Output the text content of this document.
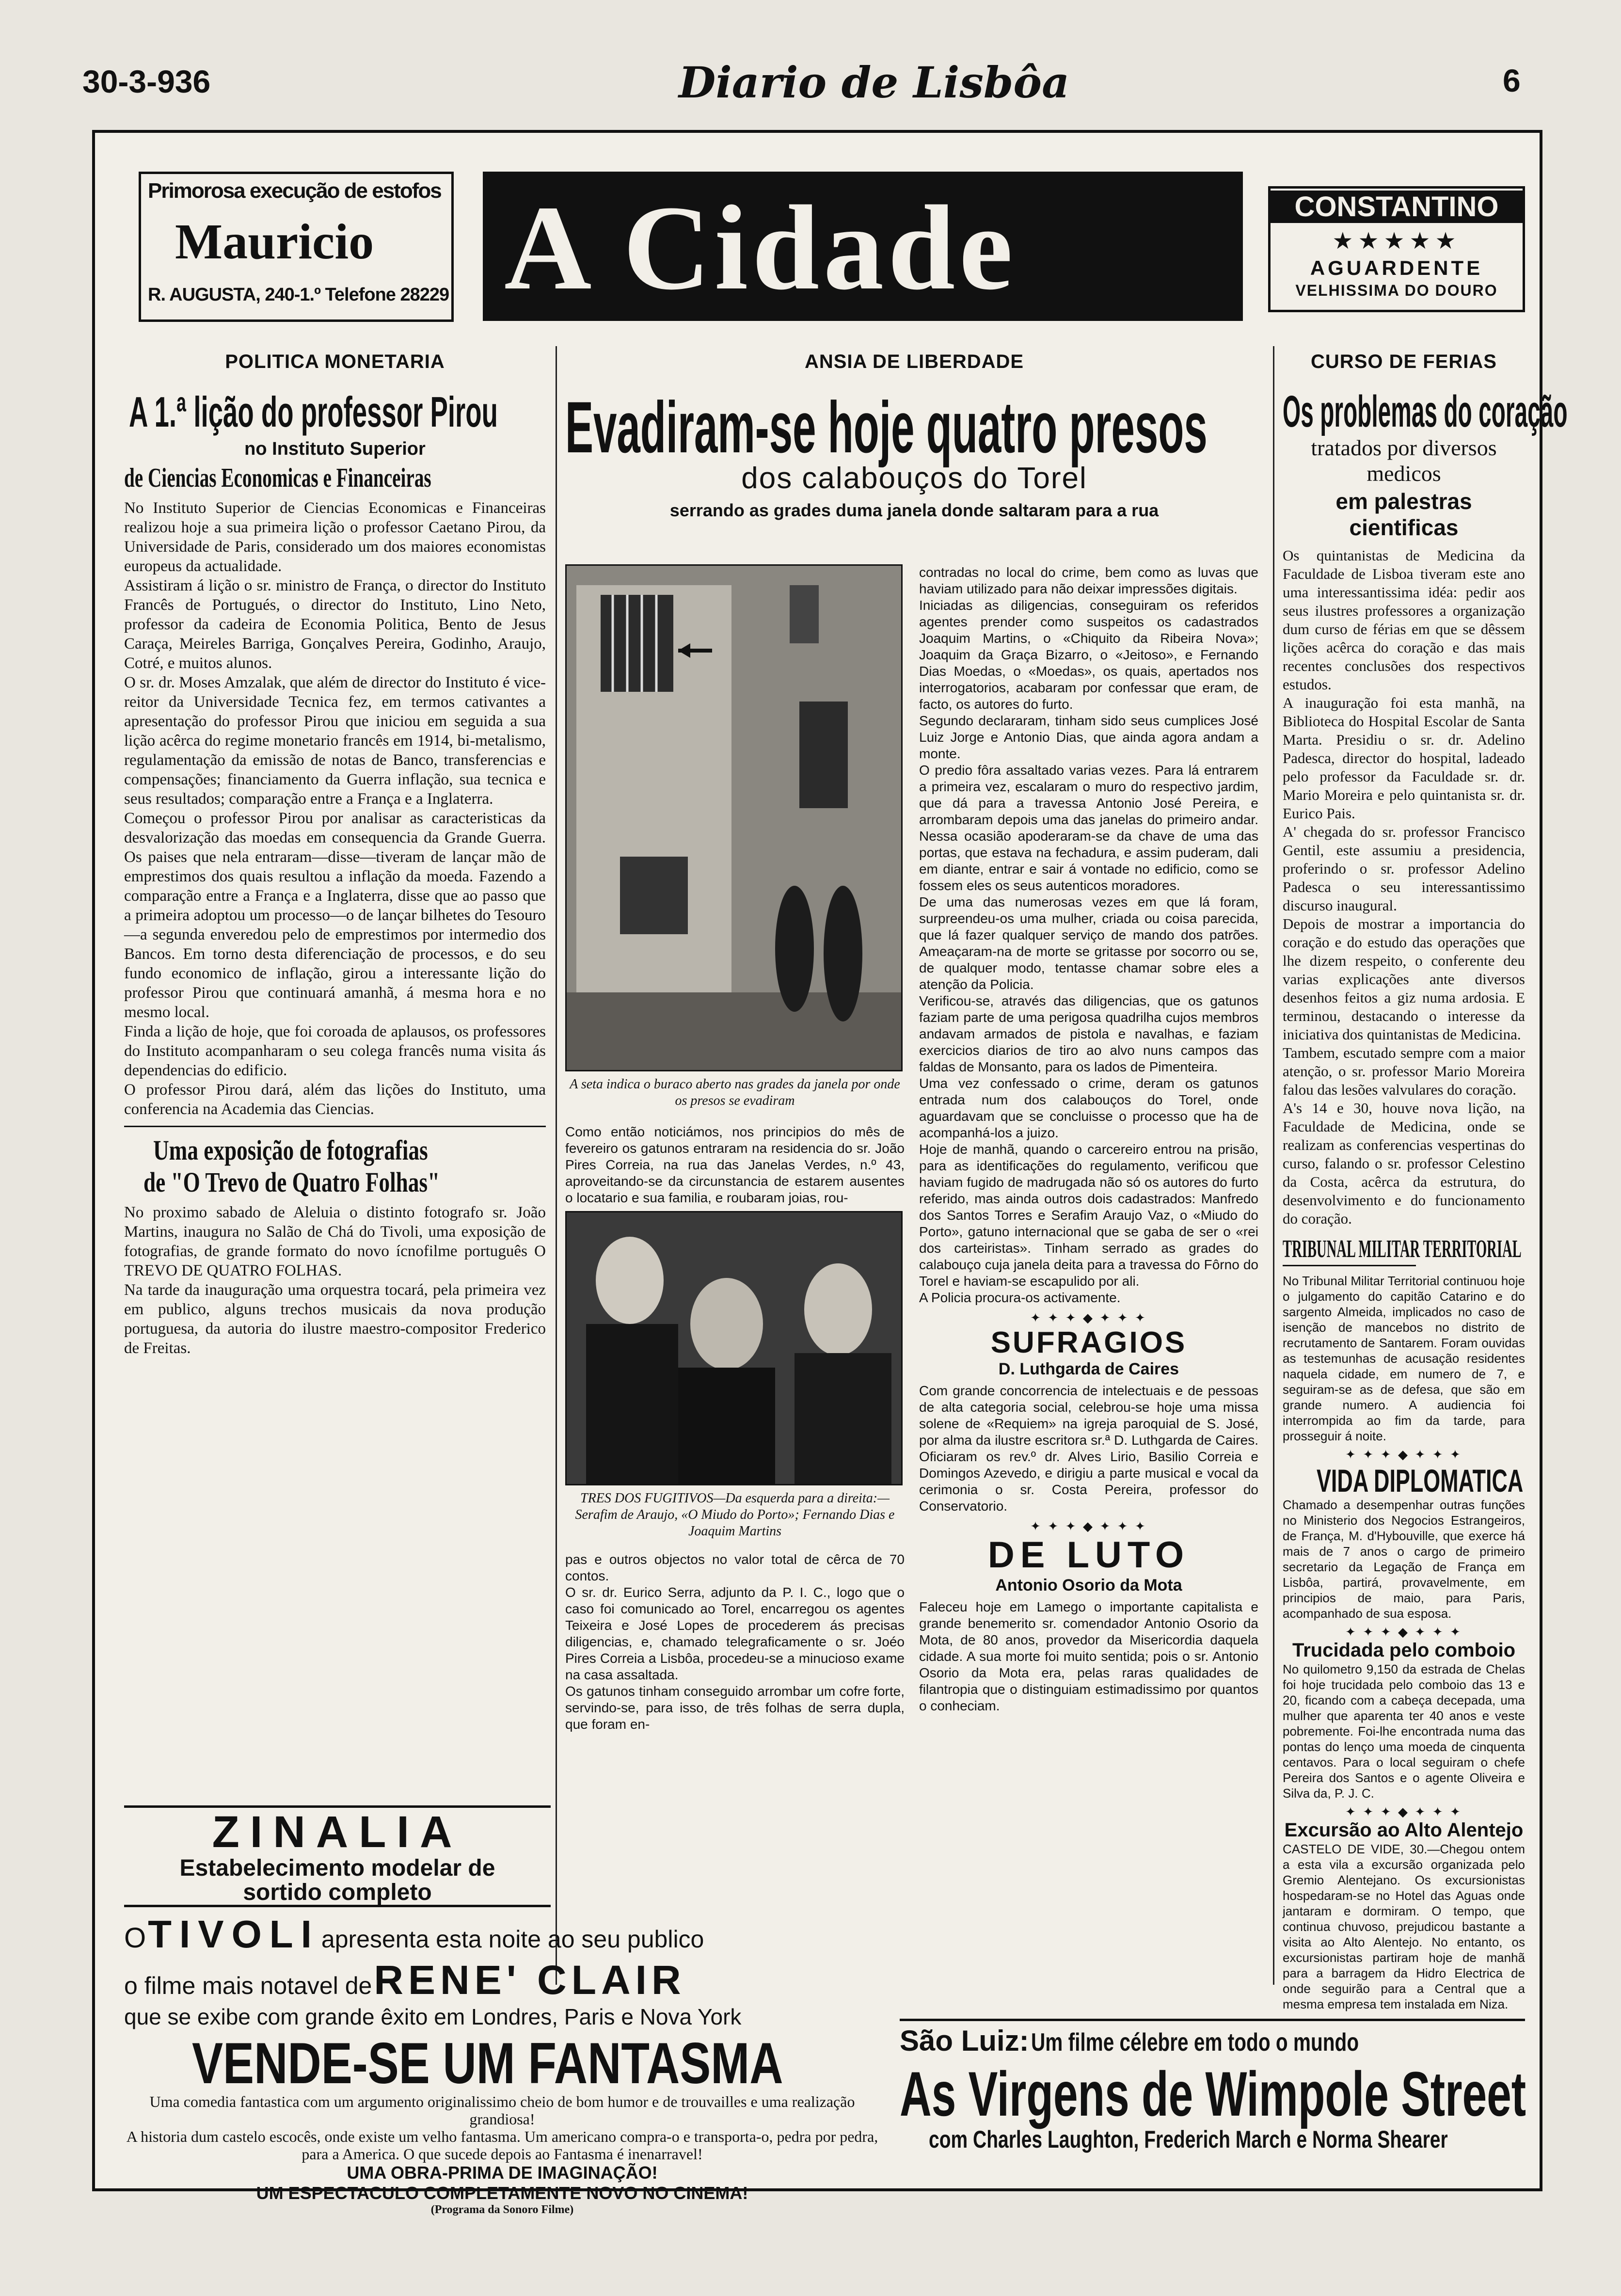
30-3-936	Diario de Lisbôa	6
Primorosa execução de estofos
Mauricio
R. AUGUSTA, 240-1.º Telefone 28229 A Cidade	CONSTANTINO
★★★★★
AGUARDENTE
VELHISSIMA DO DOURO
POLITICA MONETARIA
A 1.ª lição do professor Pirou
no Instituto Superior
de Ciencias Economicas e Financeiras

No Instituto Superior de Ciencias Economicas e Financeiras realizou hoje a sua primeira lição o professor Caetano Pirou, da Universidade de Paris, considerado um dos maiores economistas europeus da actualidade.

Assistiram á lição o sr. ministro de França, o director do Instituto Francês de Portugués, o director do Instituto, Lino Neto, professor da cadeira de Economia Politica, Bento de Jesus Caraça, Meireles Barriga, Gonçalves Pereira, Godinho, Araujo, Cotré, e muitos alunos.

O sr. dr. Moses Amzalak, que além de director do Instituto é vice-reitor da Universidade Tecnica fez, em termos cativantes a apresentação do professor Pirou que iniciou em seguida a sua lição acêrca do regime monetario francês em 1914, bi-metalismo, regulamentação da emissão de notas de Banco, transferencias e compensações; financiamento da Guerra inflação, sua tecnica e seus resultados; comparação entre a França e a Inglaterra.

Começou o professor Pirou por analisar as caracteristicas da desvalorização das moedas em consequencia da Grande Guerra. Os paises que nela entraram—disse—tiveram de lançar mão de emprestimos dos quais resultou a inflação da moeda. Fazendo a comparação entre a França e a Inglaterra, disse que ao passo que a primeira adoptou um processo—o de lançar bilhetes do Tesouro—a segunda enveredou pelo de emprestimos por intermedio dos Bancos. Em torno desta diferenciação de processos, e do seu fundo economico de inflação, girou a interessante lição do professor Pirou que continuará amanhã, á mesma hora e no mesmo local.

Finda a lição de hoje, que foi coroada de aplausos, os professores do Instituto acompanharam o seu colega francês numa visita ás dependencias do edificio.

O professor Pirou dará, além das lições do Instituto, uma conferencia na Academia das Ciencias.

Uma exposição de fotografias
de "O Trevo de Quatro Folhas"

No proximo sabado de Aleluia o distinto fotografo sr. João Martins, inaugura no Salão de Chá do Tivoli, uma exposição de fotografias, de grande formato do novo ícnofilme português O TREVO DE QUATRO FOLHAS.

Na tarde da inauguração uma orquestra tocará, pela primeira vez em publico, alguns trechos musicais da nova produção portuguesa, da autoria do ilustre maestro-compositor Frederico de Freitas.

ZINALIA
Estabelecimento modelar de
sortido completo
ANSIA DE LIBERDADE
Evadiram-se hoje quatro presos
dos calabouços do Torel
serrando as grades duma janela donde saltaram para a rua
A seta indica o buraco aberto nas grades da janela por onde os presos se evadiram

Como então noticiámos, nos principios do mês de fevereiro os gatunos entraram na residencia do sr. João Pires Correia, na rua das Janelas Verdes, n.º 43, aproveitando-se da circunstancia de estarem ausentes o locatario e sua familia, e roubaram joias, rou-

TRES DOS FUGITIVOS—Da esquerda para a direita:—Serafim de Araujo, «O Miudo do Porto»; Fernando Dias e Joaquim Martins

pas e outros objectos no valor total de cêrca de 70 contos.

O sr. dr. Eurico Serra, adjunto da P. I. C., logo que o caso foi comunicado ao Torel, encarregou os agentes Teixeira e José Lopes de procederem ás precisas diligencias, e, chamado telegraficamente o sr. Joéo Pires Correia a Lisbôa, procedeu-se a minucioso exame na casa assaltada.

Os gatunos tinham conseguido arrombar um cofre forte, servindo-se, para isso, de três folhas de serra dupla, que foram en-

contradas no local do crime, bem como as luvas que haviam utilizado para não deixar impressões digitais.

Iniciadas as diligencias, conseguiram os referidos agentes prender como suspeitos os cadastrados Joaquim Martins, o «Chiquito da Ribeira Nova»; Joaquim da Graça Bizarro, o «Jeitoso», e Fernando Dias Moedas, o «Moedas», os quais, apertados nos interrogatorios, acabaram por confessar que eram, de facto, os autores do furto.

Segundo declararam, tinham sido seus cumplices José Luiz Jorge e Antonio Dias, que ainda agora andam a monte.

O predio fôra assaltado varias vezes. Para lá entrarem a primeira vez, escalaram o muro do respectivo jardim, que dá para a travessa Antonio José Pereira, e arrombaram depois uma das janelas do primeiro andar. Nessa ocasião apoderaram-se da chave de uma das portas, que estava na fechadura, e assim puderam, dali em diante, entrar e sair á vontade no edificio, como se fossem eles os seus autenticos moradores.

De uma das numerosas vezes em que lá foram, surpreendeu-os uma mulher, criada ou coisa parecida, que lá fazer qualquer serviço de mando dos patrões. Ameaçaram-na de morte se gritasse por socorro ou se, de qualquer modo, tentasse chamar sobre eles a atenção da Policia.

Verificou-se, através das diligencias, que os gatunos faziam parte de uma perigosa quadrilha cujos membros andavam armados de pistola e navalhas, e faziam exercicios diarios de tiro ao alvo nuns campos das faldas de Monsanto, para os lados de Pimenteira.

Uma vez confessado o crime, deram os gatunos entrada num dos calabouços do Torel, onde aguardavam que se concluisse o processo que ha de acompanhá-los a juizo.

Hoje de manhã, quando o carcereiro entrou na prisão, para as identificações do regulamento, verificou que haviam fugido de madrugada não só os autores do furto referido, mas ainda outros dois cadastrados: Manfredo dos Santos Torres e Serafim Araujo Vaz, o «Miudo do Porto», gatuno internacional que se gaba de ser o «rei dos carteiristas». Tinham serrado as grades do calabouço cuja janela deita para a travessa do Fôrno do Torel e haviam-se escapulido por ali.

A Policia procura-os activamente.

✦ ✦ ✦ ◆ ✦ ✦ ✦
SUFRAGIOS
D. Luthgarda de Caires

Com grande concorrencia de intelectuais e de pessoas de alta categoria social, celebrou-se hoje uma missa solene de «Requiem» na igreja paroquial de S. José, por alma da ilustre escritora sr.ª D. Luthgarda de Caires. Oficiaram os rev.º dr. Alves Lirio, Basilio Correia e Domingos Azevedo, e dirigiu a parte musical e vocal da cerimonia o sr. Costa Pereira, professor do Conservatorio.

✦ ✦ ✦ ◆ ✦ ✦ ✦
DE LUTO
Antonio Osorio da Mota

Faleceu hoje em Lamego o importante capitalista e grande benemerito sr. comendador Antonio Osorio da Mota, de 80 anos, provedor da Misericordia daquela cidade. A sua morte foi muito sentida; pois o sr. Antonio Osorio da Mota era, pelas raras qualidades de filantropia que o distinguiam estimadissimo por quantos o conheciam.

CURSO DE FERIAS
Os problemas do coração
tratados por diversos medicos
em palestras cientificas

Os quintanistas de Medicina da Faculdade de Lisboa tiveram este ano uma interessantissima idéa: pedir aos seus ilustres professores a organização dum curso de férias em que se dêssem lições acêrca do coração e das mais recentes conclusões dos respectivos estudos.

A inauguração foi esta manhã, na Biblioteca do Hospital Escolar de Santa Marta. Presidiu o sr. dr. Adelino Padesca, director do hospital, ladeado pelo professor da Faculdade sr. dr. Mario Moreira e pelo quintanista sr. dr. Eurico Pais.

A' chegada do sr. professor Francisco Gentil, este assumiu a presidencia, proferindo o sr. professor Adelino Padesca o seu interessantissimo discurso inaugural.

Depois de mostrar a importancia do coração e do estudo das operações que lhe dizem respeito, o conferente deu varias explicações ante diversos desenhos feitos a giz numa ardosia. E terminou, destacando o interesse da iniciativa dos quintanistas de Medicina.

Tambem, escutado sempre com a maior atenção, o sr. professor Mario Moreira falou das lesões valvulares do coração.

A's 14 e 30, houve nova lição, na Faculdade de Medicina, onde se realizam as conferencias vespertinas do curso, falando o sr. professor Celestino da Costa, acêrca da estrutura, do desenvolvimento e do funcionamento do coração.

TRIBUNAL MILITAR TERRITORIAL

No Tribunal Militar Territorial continuou hoje o julgamento do capitão Catarino e do sargento Almeida, implicados no caso de isenção de mancebos no distrito de recrutamento de Santarem. Foram ouvidas as testemunhas de acusação residentes naquela cidade, em numero de 7, e seguiram-se as de defesa, que são em grande numero. A audiencia foi interrompida ao fim da tarde, para prosseguir á noite.

✦ ✦ ✦ ◆ ✦ ✦ ✦
VIDA DIPLOMATICA

Chamado a desempenhar outras funções no Ministerio dos Negocios Estrangeiros, de França, M. d'Hybouville, que exerce há mais de 7 anos o cargo de primeiro secretario da Legação de França em Lisbôa, partirá, provavelmente, em principios de maio, para Paris, acompanhado de sua esposa.

✦ ✦ ✦ ◆ ✦ ✦ ✦
Trucidada pelo comboio

No quilometro 9,150 da estrada de Chelas foi hoje trucidada pelo comboio das 13 e 20, ficando com a cabeça decepada, uma mulher que aparenta ter 40 anos e veste pobremente. Foi-lhe encontrada numa das pontas do lenço uma moeda de cinquenta centavos. Para o local seguiram o chefe Pereira dos Santos e o agente Oliveira e Silva da, P. J. C.

✦ ✦ ✦ ◆ ✦ ✦ ✦
Excursão ao Alto Alentejo

CASTELO DE VIDE, 30.—Chegou ontem a esta vila a excursão organizada pelo Gremio Alentejano. Os excursionistas hospedaram-se no Hotel das Aguas onde jantaram e dormiram. O tempo, que continua chuvoso, prejudicou bastante a visita ao Alto Alentejo. No entanto, os excursionistas partiram hoje de manhã para a barragem da Hidro Electrica de onde seguirão para a Central que a mesma empresa tem instalada em Niza.

O TIVOLI apresenta esta noite ao seu publico
o filme mais notavel de RENE' CLAIR
que se exibe com grande êxito em Londres, Paris e Nova York
VENDE-SE UM FANTASMA
Uma comedia fantastica com um argumento originalissimo cheio de bom humor e de trouvailles e uma realização grandiosa!
A historia dum castelo escocês, onde existe um velho fantasma. Um americano compra-o e transporta-o, pedra por pedra, para a America. O que sucede depois ao Fantasma é inenarravel!
UMA OBRA-PRIMA DE IMAGINAÇÃO!
UM ESPECTACULO COMPLETAMENTE NOVO NO CINEMA!
(Programa da Sonoro Filme)
São Luiz: Um filme célebre em todo o mundo
As Virgens de Wimpole Street
com Charles Laughton, Frederich March e Norma Shearer
